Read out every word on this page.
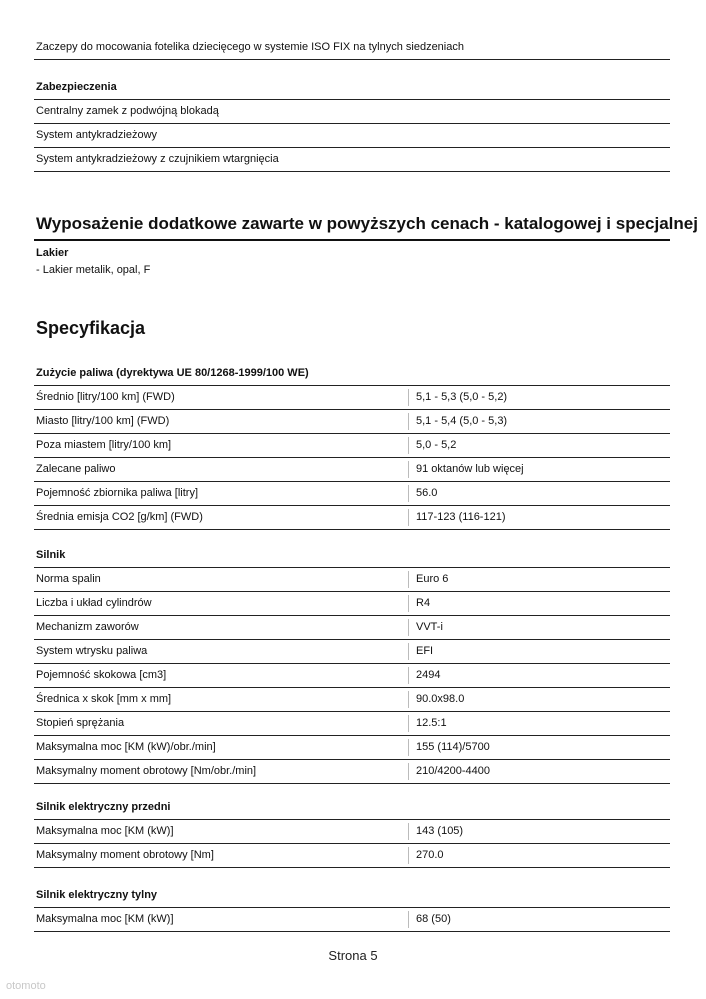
Zaczepy do mocowania fotelika dziecięcego w systemie ISO FIX na tylnych siedzeniach
Zabezpieczenia
Centralny zamek z podwójną blokadą
System antykradzieżowy
System antykradzieżowy z czujnikiem wtargnięcia
Wyposażenie dodatkowe zawarte w powyższych cenach - katalogowej i specjalnej
Lakier
- Lakier metalik, opal, F
Specyfikacja
Zużycie paliwa (dyrektywa UE 80/1268-1999/100 WE)
Średnio [litry/100 km] (FWD)	5,1 - 5,3 (5,0 - 5,2)
Miasto [litry/100 km] (FWD)	5,1 - 5,4 (5,0 - 5,3)
Poza miastem [litry/100 km]	5,0 - 5,2
Zalecane paliwo	91 oktanów lub więcej
Pojemność zbiornika paliwa [litry]	56.0
Średnia emisja CO2 [g/km] (FWD)	117-123 (116-121)
Silnik
Norma spalin	Euro 6
Liczba i układ cylindrów	R4
Mechanizm zaworów	VVT-i
System wtrysku paliwa	EFI
Pojemność skokowa [cm3]	2494
Średnica x skok [mm x mm]	90.0x98.0
Stopień sprężania	12.5:1
Maksymalna moc [KM (kW)/obr./min]	155 (114)/5700
Maksymalny moment obrotowy [Nm/obr./min]	210/4200-4400
Silnik elektryczny przedni
Maksymalna moc [KM (kW)]	143 (105)
Maksymalny moment obrotowy [Nm]	270.0
Silnik elektryczny tylny
Maksymalna moc [KM (kW)]	68 (50)
Strona 5
otomoto
